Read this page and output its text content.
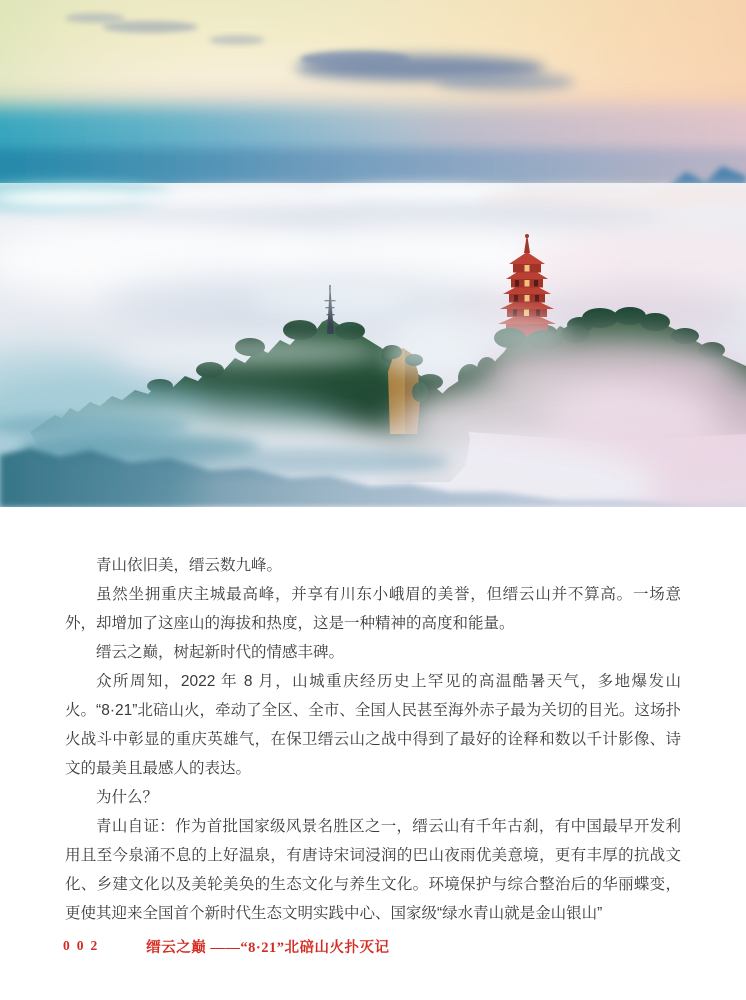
青山依旧美，缙云数九峰。

虽然坐拥重庆主城最高峰，并享有川东小峨眉的美誉，但缙云山并不算高。一场意外，却增加了这座山的海拔和热度，这是一种精神的高度和能量。

缙云之巅，树起新时代的情感丰碑。

众所周知，2022 年 8 月，山城重庆经历史上罕见的高温酷暑天气，多地爆发山火。“8·21”北碚山火，牵动了全区、全市、全国人民甚至海外赤子最为关切的目光。这场扑火战斗中彰显的重庆英雄气，在保卫缙云山之战中得到了最好的诠释和数以千计影像、诗文的最美且最感人的表达。

为什么？

青山自证：作为首批国家级风景名胜区之一，缙云山有千年古刹，有中国最早开发利用且至今泉涌不息的上好温泉，有唐诗宋词浸润的巴山夜雨优美意境，更有丰厚的抗战文化、乡建文化以及美轮美奂的生态文化与养生文化。环境保护与综合整治后的华丽蝶变，更使其迎来全国首个新时代生态文明实践中心、国家级“绿水青山就是金山银山”

002	缙云之巅 ——“8·21”北碚山火扑灭记
